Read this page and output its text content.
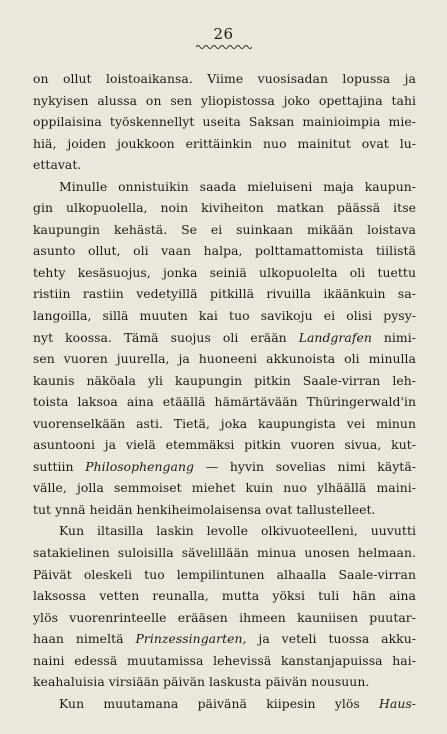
26
on ollut loistoaikansa. Viime vuosisadan lopussa ja
nykyisen alussa on sen yliopistossa joko opettajina tahi
oppilaisina työskennellyt useita Saksan mainioimpia mie-
hiä, joiden joukkoon erittäinkin nuo mainitut ovat lu-
ettavat.
Minulle onnistuikin saada mieluiseni maja kaupun-
gin ulkopuolella, noin kiviheiton matkan päässä itse
kaupungin kehästä. Se ei suinkaan mikään loistava
asunto ollut, oli vaan halpa, polttamattomista tiilistä
tehty kesäsuojus, jonka seiniä ulkopuolelta oli tuettu
ristiin rastiin vedetyillä pitkillä rivuilla ikäänkuin sa-
langoilla, sillä muuten kai tuo savikoju ei olisi pysy-
nyt koossa. Tämä suojus oli erään Landgrafen nimi-
sen vuoren juurella, ja huoneeni akkunoista oli minulla
kaunis näköala yli kaupungin pitkin Saale-virran leh-
toista laksoa aina etäällä hämärtävään Thüringerwald'in
vuorenselkään asti. Tietä, joka kaupungista vei minun
asuntooni ja vielä etemmäksi pitkin vuoren sivua, kut-
suttiin Philosophengang — hyvin sovelias nimi käytä-
välle, jolla semmoiset miehet kuin nuo ylhäällä maini-
tut ynnä heidän henkiheimolaisensa ovat tallustelleet.
Kun iltasilla laskin levolle olkivuoteelleni, uuvutti
satakielinen suloisilla sävelillään minua unosen helmaan.
Päivät oleskeli tuo lempilintunen alhaalla Saale-virran
laksossa vetten reunalla, mutta yöksi tuli hän aina
ylös vuorenrinteelle erääsen ihmeen kauniisen puutar-
haan nimeltä Prinzessingarten, ja veteli tuossa akku-
naini edessä muutamissa lehevissä kanstanjapuissa hai-
keahaluisia virsiään päivän laskusta päivän nousuun.
Kun muutamana päivänä kiipesin ylös Haus-
